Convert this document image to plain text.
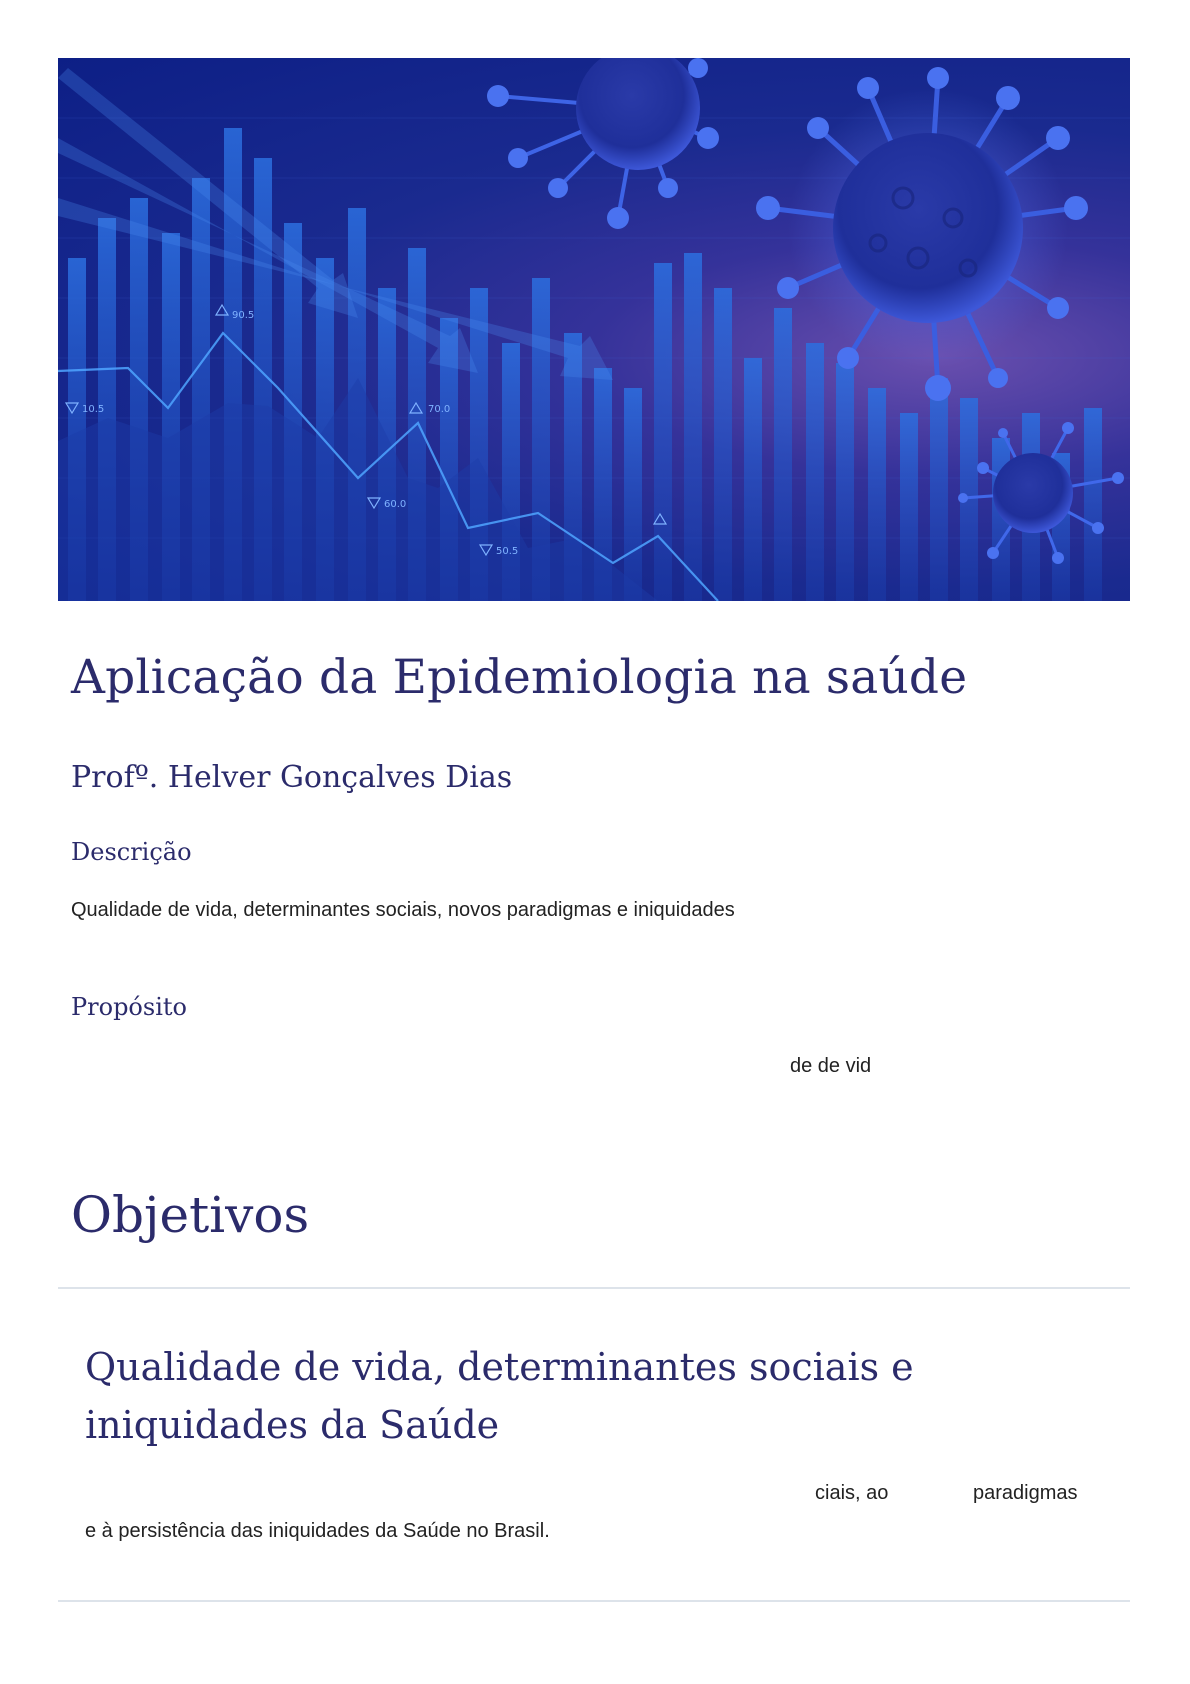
10.5
90.5
70.0
60.0
50.5
Aplicação da Epidemiologia na saúde
Profº. Helver Gonçalves Dias
Descrição

Qualidade de vida, determinantes sociais, novos paradigmas e iniquidades

Propósito

de de vid

Objetivos
Qualidade de vida, determinantes sociais e iniquidades da Saúde

ciais, ao	paradigmas

e à persistência das iniquidades da Saúde no Brasil.
